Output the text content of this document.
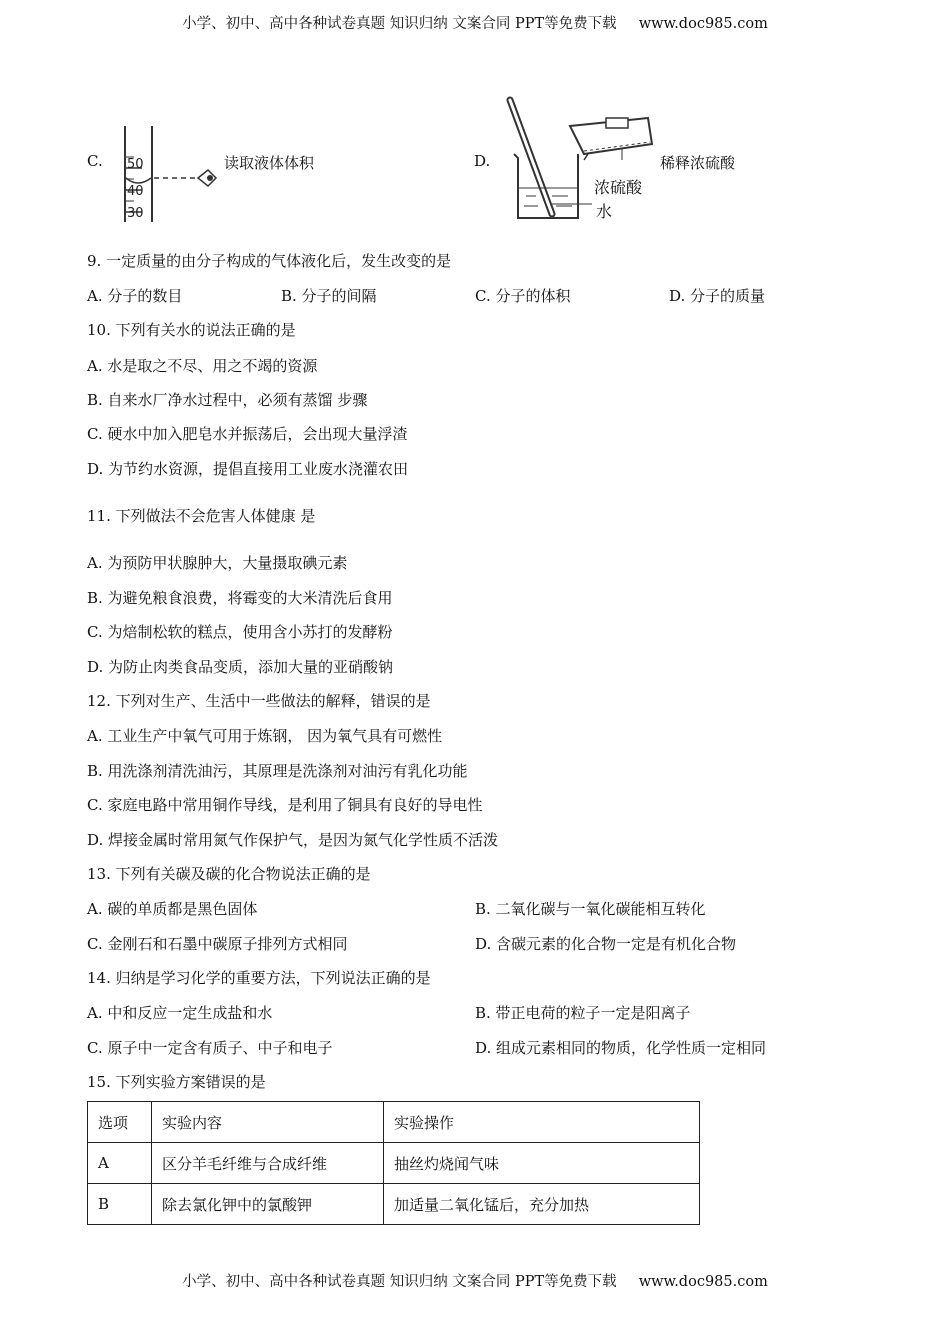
小学、初中、高中各种试卷真题 知识归纳 文案合同 PPT等免费下载 www.doc985.com
C. 50
40
30
读取液体体积	D.
浓硫酸
水
稀释浓硫酸
9. 一定质量的由分子构成的气体液化后，发生改变的是
A. 分子的数目	B. 分子的间隔	C. 分子的体积	D. 分子的质量
10. 下列有关水的说法正确的是
A. 水是取之不尽、用之不竭的资源
B. 自来水厂净水过程中，必须有蒸馏 步骤
C. 硬水中加入肥皂水并振荡后，会出现大量浮渣
D. 为节约水资源，提倡直接用工业废水浇灌农田
11. 下列做法不会危害人体健康 是
A. 为预防甲状腺肿大，大量摄取碘元素
B. 为避免粮食浪费，将霉变的大米清洗后食用
C. 为焙制松软的糕点，使用含小苏打的发酵粉
D. 为防止肉类食品变质，添加大量的亚硝酸钠
12. 下列对生产、生活中一些做法的解释，错误的是
A. 工业生产中氧气可用于炼钢， 因为氧气具有可燃性
B. 用洗涤剂清洗油污，其原理是洗涤剂对油污有乳化功能
C. 家庭电路中常用铜作导线，是利用了铜具有良好的导电性
D. 焊接金属时常用氮气作保护气，是因为氮气化学性质不活泼
13. 下列有关碳及碳的化合物说法正确的是
A. 碳的单质都是黑色固体	B. 二氧化碳与一氧化碳能相互转化
C. 金刚石和石墨中碳原子排列方式相同	D. 含碳元素的化合物一定是有机化合物
14. 归纳是学习化学的重要方法，下列说法正确的是
A. 中和反应一定生成盐和水	B. 带正电荷的粒子一定是阳离子
C. 原子中一定含有质子、中子和电子	D. 组成元素相同的物质，化学性质一定相同
15. 下列实验方案错误的是
选项	实验内容	实验操作
A	区分羊毛纤维与合成纤维	抽丝灼烧闻气味
B	除去氯化钾中的氯酸钾	加适量二氧化锰后，充分加热
小学、初中、高中各种试卷真题 知识归纳 文案合同 PPT等免费下载 www.doc985.com
